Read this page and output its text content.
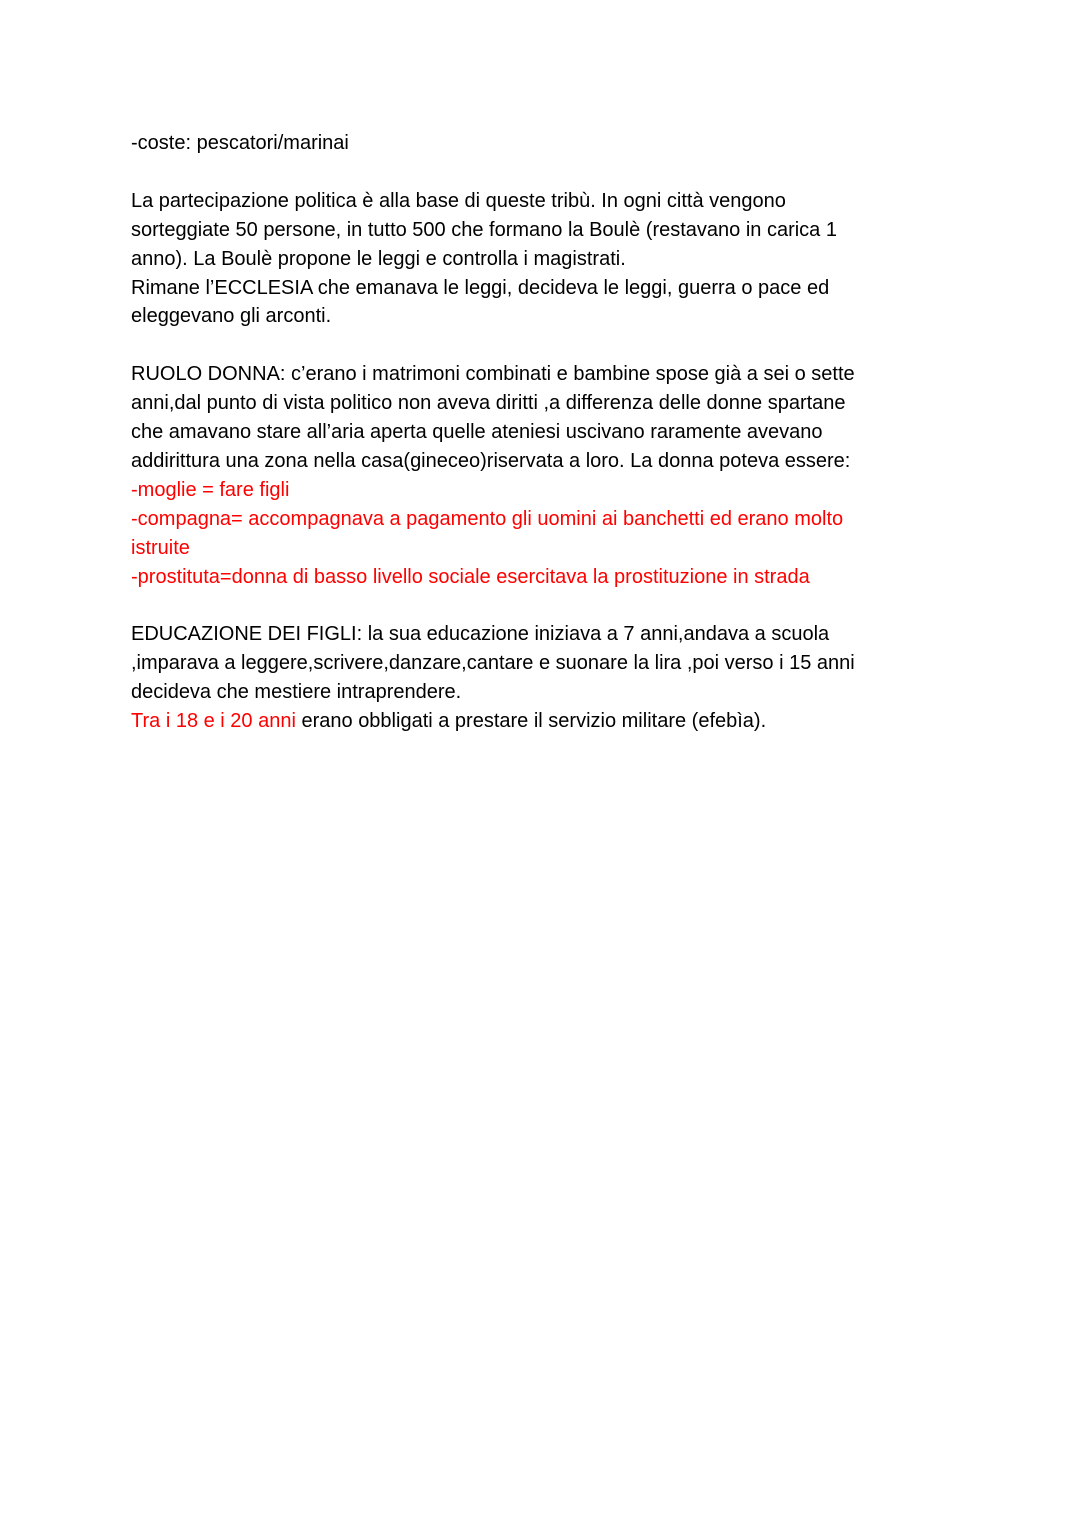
-coste: pescatori/marinai
La partecipazione politica è alla base di queste tribù. In ogni città vengono
sorteggiate 50 persone, in tutto 500 che formano la Boulè (restavano in carica 1
anno). La Boulè propone le leggi e controlla i magistrati.
Rimane l’ECCLESIA che emanava le leggi, decideva le leggi, guerra o pace ed
eleggevano gli arconti.
RUOLO DONNA: c’erano i matrimoni combinati e bambine spose già a sei o sette
anni,dal punto di vista politico non aveva diritti ,a differenza delle donne spartane
che amavano stare all’aria aperta quelle ateniesi uscivano raramente avevano
addirittura una zona nella casa(gineceo)riservata a loro. La donna poteva essere:
-moglie = fare figli
-compagna= accompagnava a pagamento gli uomini ai banchetti ed erano molto
istruite
-prostituta=donna di basso livello sociale esercitava la prostituzione in strada
EDUCAZIONE DEI FIGLI: la sua educazione iniziava a 7 anni,andava a scuola
,imparava a leggere,scrivere,danzare,cantare e suonare la lira ,poi verso i 15 anni
decideva che mestiere intraprendere.
Tra i 18 e i 20 anni erano obbligati a prestare il servizio militare (efebìa).
